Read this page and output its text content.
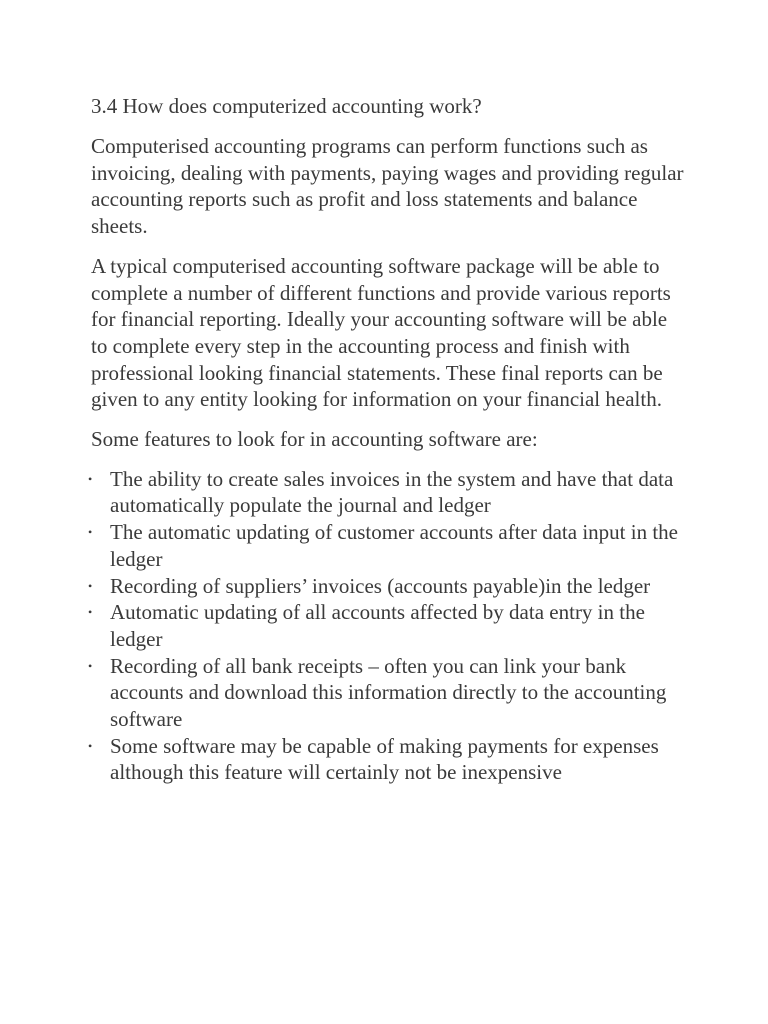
3.4 How does computerized accounting work?

Computerised accounting programs can perform functions such as invoicing, dealing with payments, paying wages and providing regular accounting reports such as profit and loss statements and balance sheets.

A typical computerised accounting software package will be able to complete a number of different functions and provide various reports for financial reporting. Ideally your accounting software will be able to complete every step in the accounting process and finish with professional looking financial statements. These final reports can be given to any entity looking for information on your financial health.

Some features to look for in accounting software are:

• The ability to create sales invoices in the system and have that data automatically populate the journal and ledger
• The automatic updating of customer accounts after data input in the ledger
• Recording of suppliers’ invoices (accounts payable)in the ledger
• Automatic updating of all accounts affected by data entry in the ledger
• Recording of all bank receipts – often you can link your bank accounts and download this information directly to the accounting software
• Some software may be capable of making payments for expenses although this feature will certainly not be inexpensive
